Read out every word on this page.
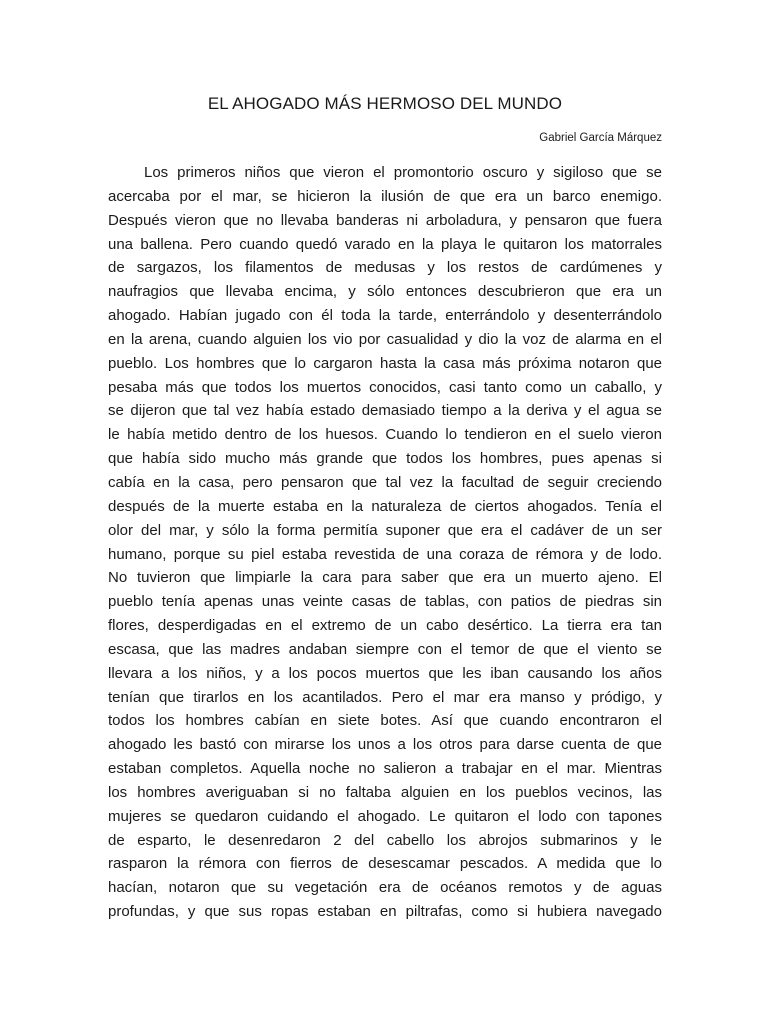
EL AHOGADO MÁS HERMOSO DEL MUNDO

Gabriel García Márquez

Los primeros niños que vieron el promontorio oscuro y sigiloso que se
acercaba por el mar, se hicieron la ilusión de que era un barco enemigo.
Después vieron que no llevaba banderas ni arboladura, y pensaron que fuera
una ballena. Pero cuando quedó varado en la playa le quitaron los matorrales
de sargazos, los filamentos de medusas y los restos de cardúmenes y
naufragios que llevaba encima, y sólo entonces descubrieron que era un
ahogado. Habían jugado con él toda la tarde, enterrándolo y desenterrándolo
en la arena, cuando alguien los vio por casualidad y dio la voz de alarma en el
pueblo. Los hombres que lo cargaron hasta la casa más próxima notaron que
pesaba más que todos los muertos conocidos, casi tanto como un caballo, y
se dijeron que tal vez había estado demasiado tiempo a la deriva y el agua se
le había metido dentro de los huesos. Cuando lo tendieron en el suelo vieron
que había sido mucho más grande que todos los hombres, pues apenas si
cabía en la casa, pero pensaron que tal vez la facultad de seguir creciendo
después de la muerte estaba en la naturaleza de ciertos ahogados. Tenía el
olor del mar, y sólo la forma permitía suponer que era el cadáver de un ser
humano, porque su piel estaba revestida de una coraza de rémora y de lodo.
No tuvieron que limpiarle la cara para saber que era un muerto ajeno. El
pueblo tenía apenas unas veinte casas de tablas, con patios de piedras sin
flores, desperdigadas en el extremo de un cabo desértico. La tierra era tan
escasa, que las madres andaban siempre con el temor de que el viento se
llevara a los niños, y a los pocos muertos que les iban causando los años
tenían que tirarlos en los acantilados. Pero el mar era manso y pródigo, y
todos los hombres cabían en siete botes. Así que cuando encontraron el
ahogado les bastó con mirarse los unos a los otros para darse cuenta de que
estaban completos. Aquella noche no salieron a trabajar en el mar. Mientras
los hombres averiguaban si no faltaba alguien en los pueblos vecinos, las
mujeres se quedaron cuidando el ahogado. Le quitaron el lodo con tapones
de esparto, le desenredaron 2 del cabello los abrojos submarinos y le
rasparon la rémora con fierros de desescamar pescados. A medida que lo
hacían, notaron que su vegetación era de océanos remotos y de aguas
profundas, y que sus ropas estaban en piltrafas, como si hubiera navegado
